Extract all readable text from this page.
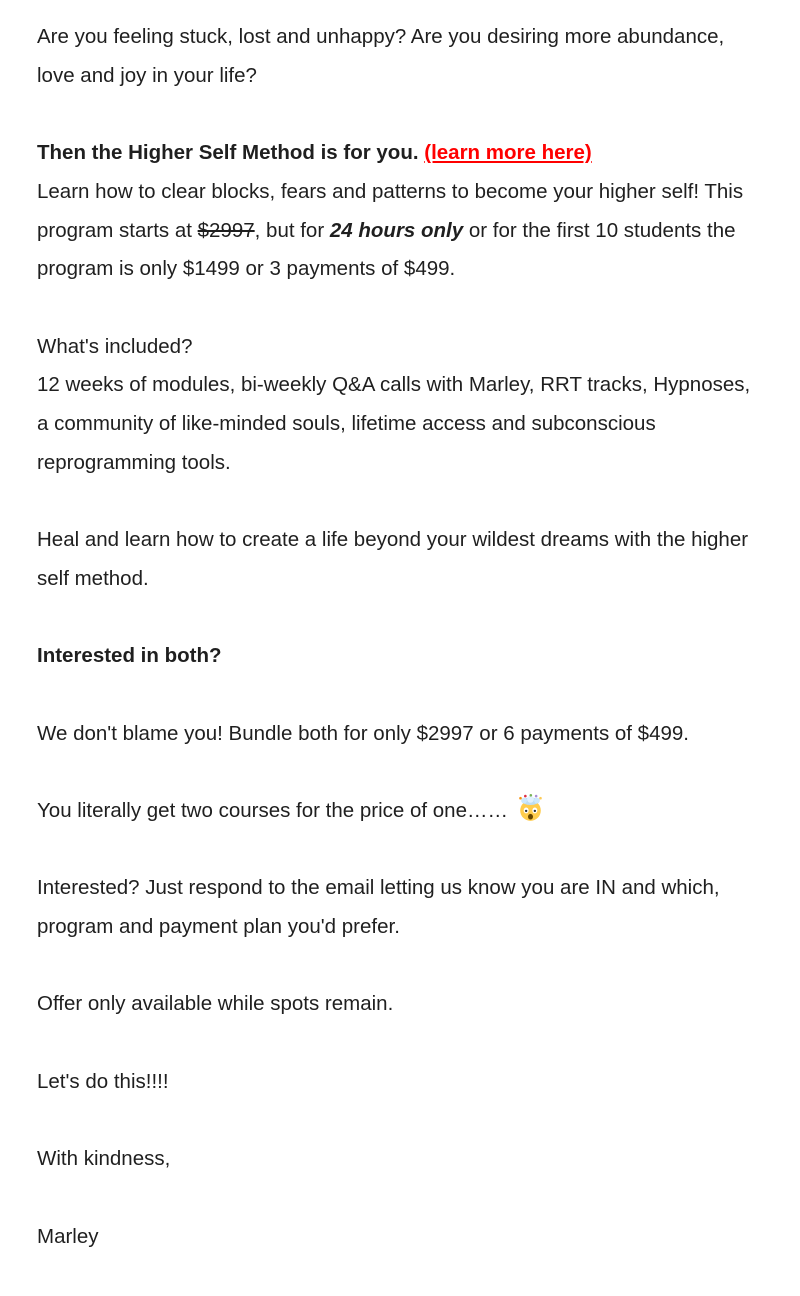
Are you feeling stuck, lost and unhappy? Are you desiring more abundance, love and joy in your life?
Then the Higher Self Method is for you. (learn more here)
Learn how to clear blocks, fears and patterns to become your higher self! This program starts at $2997, but for 24 hours only or for the first 10 students the program is only $1499 or 3 payments of $499.
What's included?
12 weeks of modules, bi-weekly Q&A calls with Marley, RRT tracks, Hypnoses, a community of like-minded souls, lifetime access and subconscious reprogramming tools.
Heal and learn how to create a life beyond your wildest dreams with the higher self method.
Interested in both?
We don't blame you! Bundle both for only $2997 or 6 payments of $499.
You literally get two courses for the price of one……
Interested? Just respond to the email letting us know you are IN and which, program and payment plan you'd prefer.
Offer only available while spots remain.
Let's do this!!!!
With kindness,
Marley
